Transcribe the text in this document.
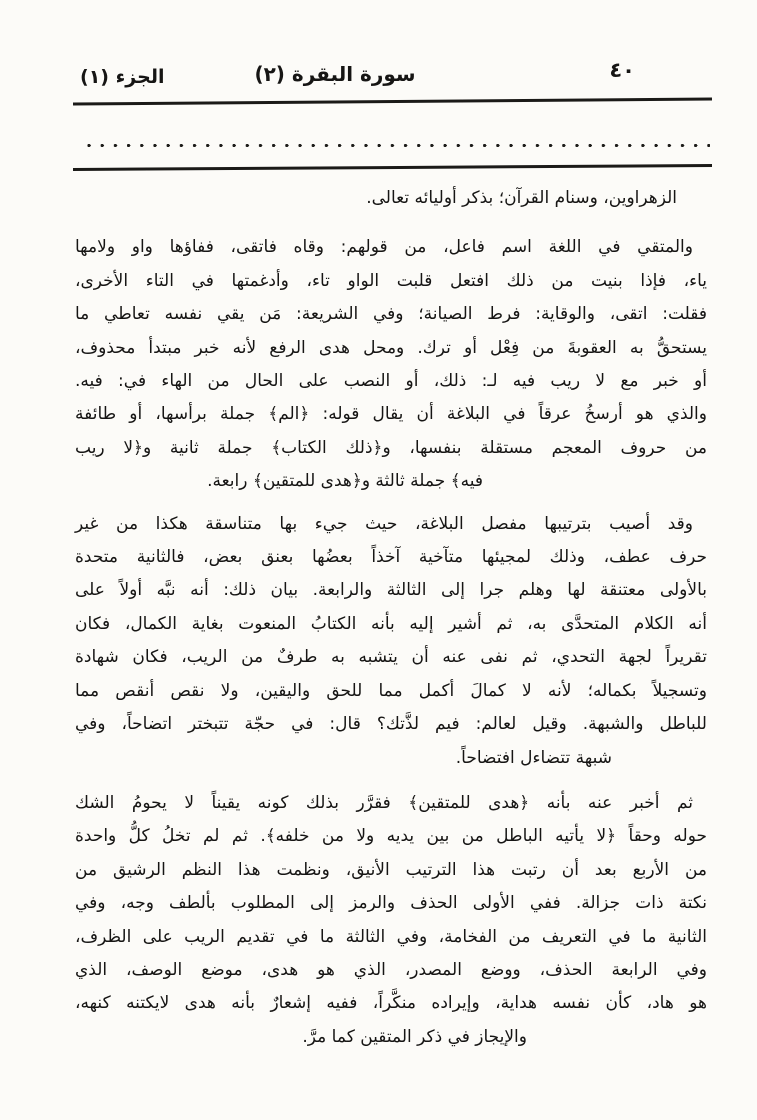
٤٠
سورة البقرة (٢)
الجزء (١)
الزهراوين، وسنام القرآن؛ بذكر أوليائه تعالى.
والمتقي في اللغة اسم فاعل، من قولهم: وقاه فاتقى، ففاؤها واو ولامها
ياء، فإذا بنيت من ذلك افتعل قلبت الواو تاء، وأدغمتها في التاء الأخرى،
فقلت: اتقى، والوقاية: فرط الصيانة؛ وفي الشريعة: مَن يقي نفسه تعاطي ما
يستحقُّ به العقوبةَ من فِعْل أو ترك. ومحل هدى الرفع لأنه خبر مبتدأ محذوف،
أو خبر مع لا ريب فيه لـ: ذلك، أو النصب على الحال من الهاء في: فيه.
والذي هو أرسخُ عرقاً في البلاغة أن يقال قوله: ﴿الم﴾ جملة برأسها، أو طائفة
من حروف المعجم مستقلة بنفسها، و﴿ذلك الكتاب﴾ جملة ثانية و﴿لا ريب
فيه﴾ جملة ثالثة و﴿هدى للمتقين﴾ رابعة.
وقد أصيب بترتيبها مفصل البلاغة، حيث جيء بها متناسقة هكذا من غير
حرف عطف، وذلك لمجيئها متآخية آخذاً بعضُها بعنق بعض، فالثانية متحدة
بالأولى معتنقة لها وهلم جرا إلى الثالثة والرابعة. بيان ذلك: أنه نبَّه أولاً على
أنه الكلام المتحدَّى به، ثم أشير إليه بأنه الكتابُ المنعوت بغاية الكمال، فكان
تقريراً لجهة التحدي، ثم نفى عنه أن يتشبه به طرفٌ من الريب، فكان شهادة
وتسجيلاً بكماله؛ لأنه لا كمالَ أكمل مما للحق واليقين، ولا نقص أنقص مما
للباطل والشبهة. وقيل لعالم: فيم لذَّتك؟ قال: في حجّة تتبختر اتضاحاً، وفي
شبهة تتضاءل افتضاحاً.
ثم أخبر عنه بأنه ﴿هدى للمتقين﴾ فقرَّر بذلك كونه يقيناً لا يحومُ الشك
حوله وحقاً ﴿لا يأتيه الباطل من بين يديه ولا من خلفه﴾. ثم لم تخلُ كلُّ واحدة
من الأربع بعد أن رتبت هذا الترتيب الأنيق، ونظمت هذا النظم الرشيق من
نكتة ذات جزالة. ففي الأولى الحذف والرمز إلى المطلوب بألطف وجه، وفي
الثانية ما في التعريف من الفخامة، وفي الثالثة ما في تقديم الريب على الظرف،
وفي الرابعة الحذف، ووضع المصدر، الذي هو هدى، موضع الوصف، الذي
هو هاد، كأن نفسه هداية، وإيراده منكَّراً، ففيه إشعارٌ بأنه هدى لايكتنه كنهه،
والإيجاز في ذكر المتقين كما مرَّ.
